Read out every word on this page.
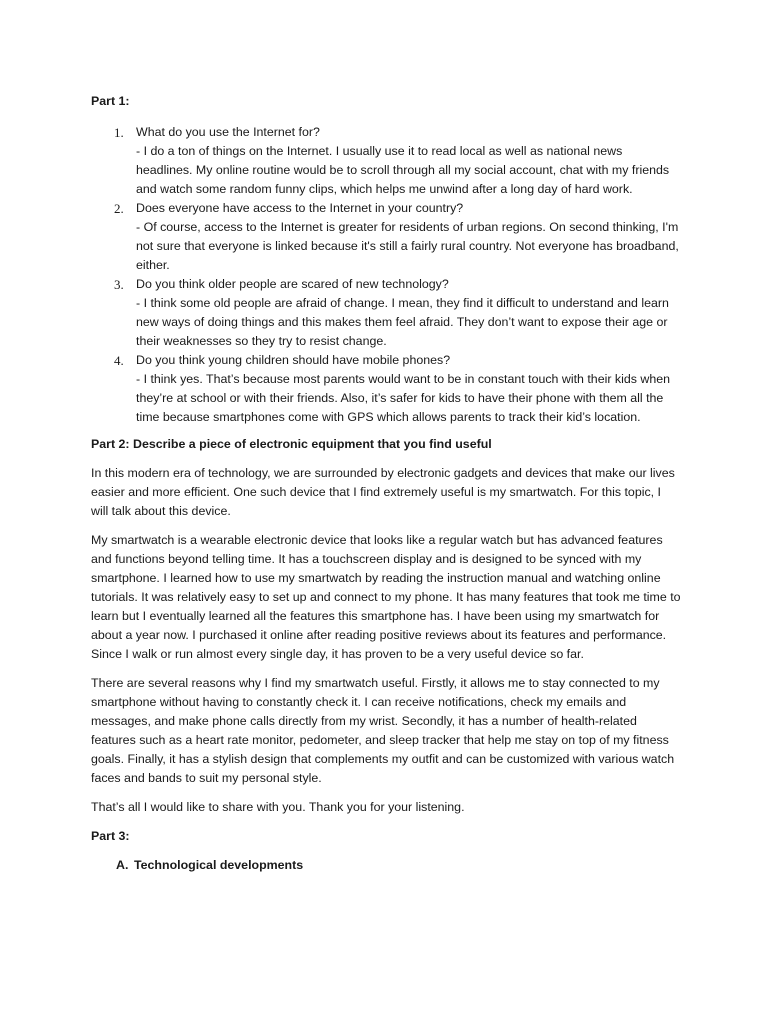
Part 1:

1. What do you use the Internet for?
- I do a ton of things on the Internet. I usually use it to read local as well as national news headlines. My online routine would be to scroll through all my social account, chat with my friends and watch some random funny clips, which helps me unwind after a long day of hard work.
2. Does everyone have access to the Internet in your country?
- Of course, access to the Internet is greater for residents of urban regions. On second thinking, I'm not sure that everyone is linked because it's still a fairly rural country. Not everyone has broadband, either.
3. Do you think older people are scared of new technology?
- I think some old people are afraid of change. I mean, they find it difficult to understand and learn new ways of doing things and this makes them feel afraid. They don’t want to expose their age or their weaknesses so they try to resist change.
4. Do you think young children should have mobile phones?
- I think yes. That’s because most parents would want to be in constant touch with their kids when they’re at school or with their friends. Also, it’s safer for kids to have their phone with them all the time because smartphones come with GPS which allows parents to track their kid’s location.

Part 2: Describe a piece of electronic equipment that you find useful

In this modern era of technology, we are surrounded by electronic gadgets and devices that make our lives easier and more efficient. One such device that I find extremely useful is my smartwatch. For this topic, I will talk about this device.

My smartwatch is a wearable electronic device that looks like a regular watch but has advanced features and functions beyond telling time. It has a touchscreen display and is designed to be synced with my smartphone. I learned how to use my smartwatch by reading the instruction manual and watching online tutorials. It was relatively easy to set up and connect to my phone. It has many features that took me time to learn but I eventually learned all the features this smartphone has. I have been using my smartwatch for about a year now. I purchased it online after reading positive reviews about its features and performance. Since I walk or run almost every single day, it has proven to be a very useful device so far.

There are several reasons why I find my smartwatch useful. Firstly, it allows me to stay connected to my smartphone without having to constantly check it. I can receive notifications, check my emails and messages, and make phone calls directly from my wrist. Secondly, it has a number of health-related features such as a heart rate monitor, pedometer, and sleep tracker that help me stay on top of my fitness goals. Finally, it has a stylish design that complements my outfit and can be customized with various watch faces and bands to suit my personal style.

That’s all I would like to share with you. Thank you for your listening.

Part 3:

A. Technological developments
